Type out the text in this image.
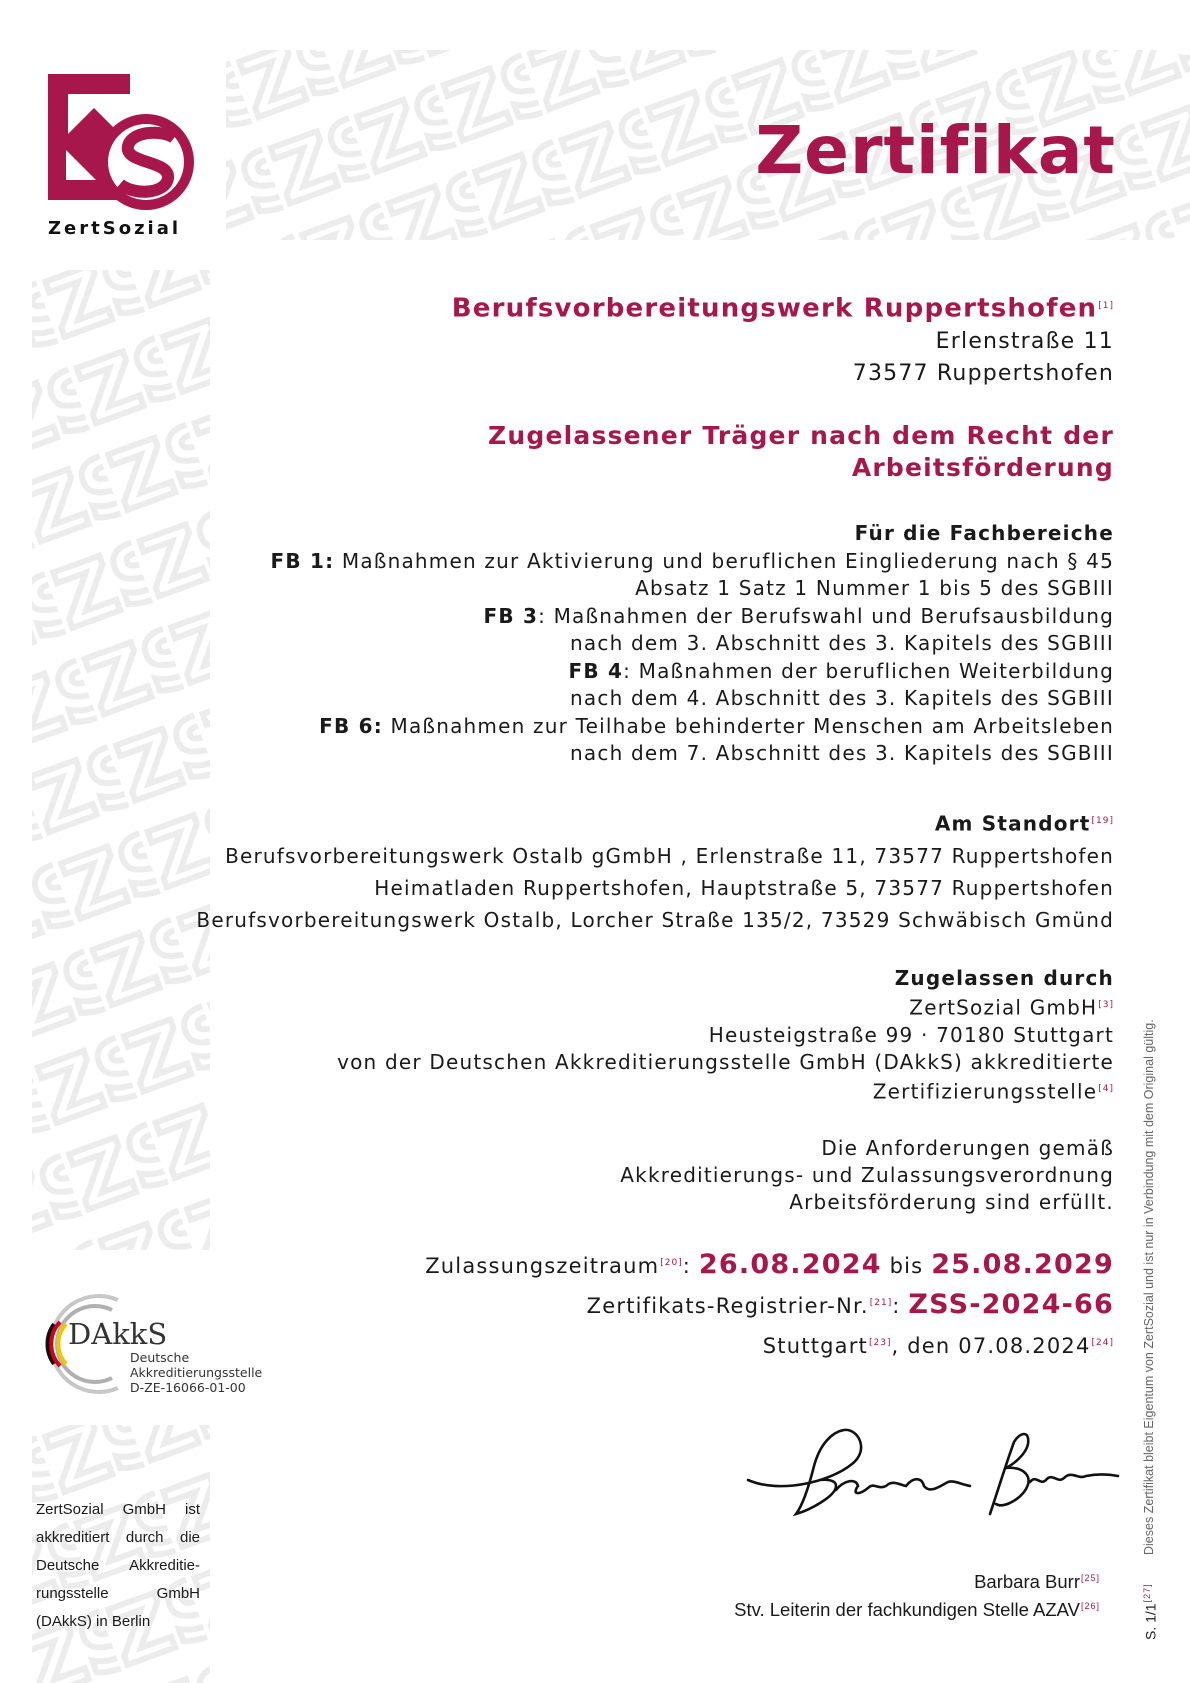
ZertSozial
Zertifikat
Berufsvorbereitungswerk Ruppertshofen[1]
Erlenstraße 11
73577 Ruppertshofen
Zugelassener Träger nach dem Recht der
Arbeitsförderung
Für die Fachbereiche
FB 1: Maßnahmen zur Aktivierung und beruflichen Eingliederung nach § 45
Absatz 1 Satz 1 Nummer 1 bis 5 des SGBIII
FB 3: Maßnahmen der Berufswahl und Berufsausbildung
nach dem 3. Abschnitt des 3. Kapitels des SGBIII
FB 4: Maßnahmen der beruflichen Weiterbildung
nach dem 4. Abschnitt des 3. Kapitels des SGBIII
FB 6: Maßnahmen zur Teilhabe behinderter Menschen am Arbeitsleben
nach dem 7. Abschnitt des 3. Kapitels des SGBIII
Am Standort[19]
Berufsvorbereitungswerk Ostalb gGmbH , Erlenstraße 11, 73577 Ruppertshofen
Heimatladen Ruppertshofen, Hauptstraße 5, 73577 Ruppertshofen
Berufsvorbereitungswerk Ostalb, Lorcher Straße 135/2, 73529 Schwäbisch Gmünd
Zugelassen durch
ZertSozial GmbH[3]
Heusteigstraße 99 · 70180 Stuttgart
von der Deutschen Akkreditierungsstelle GmbH (DAkkS) akkreditierte
Zertifizierungsstelle[4]
Die Anforderungen gemäß
Akkreditierungs- und Zulassungsverordnung
Arbeitsförderung sind erfüllt.
Zulassungszeitraum[20]: 26.08.2024 bis 25.08.2029
Zertifikats-Registrier-Nr.[21]: ZSS-2024-66
Stuttgart[23], den 07.08.2024[24]
DAkkS
Deutsche
Akkreditierungsstelle
D-ZE-16066-01-00
ZertSozial GmbH ist akkreditiert durch die Deutsche Akkreditierungsstelle GmbH (DAkkS) in Berlin
Barbara Burr[25]
Stv. Leiterin der fachkundigen Stelle AZAV[26]
Dieses Zertifikat bleibt Eigentum von ZertSozial und ist nur in Verbindung mit dem Original gültig.
S. 1/1[27]
